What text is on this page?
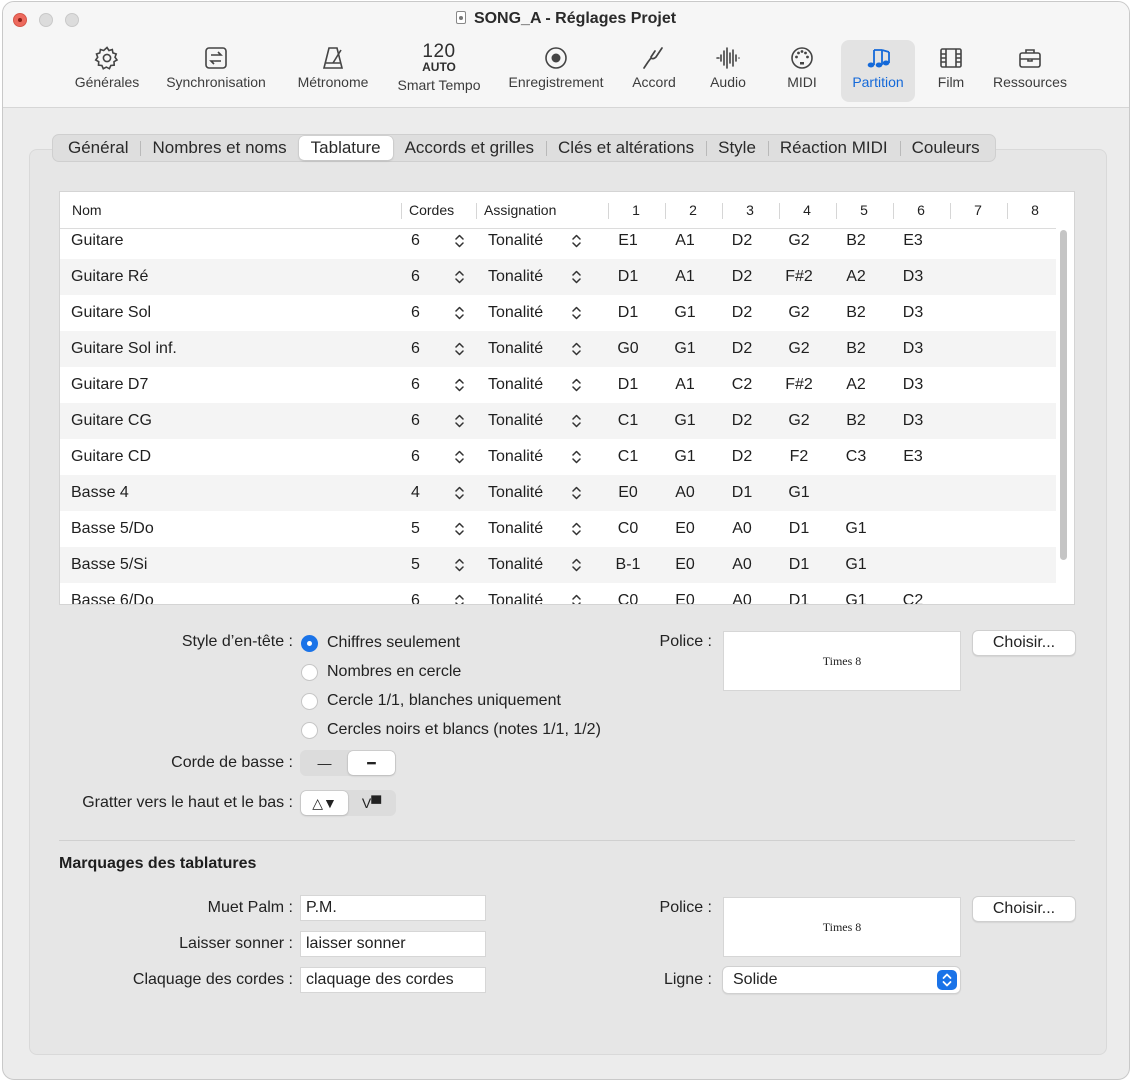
SONG_A - Réglages Projet
Générales	Synchronisation	Métronome
120
AUTO
Smart Tempo	Enregistrement	Accord	Audio	MIDI	Partition	Film	Ressources
Général	Nombres et noms	Tablature	Accords et grilles	Clés et altérations	Style	Réaction MIDI	Couleurs
Nom	Cordes Assignation	1	2	3	4	5	6	7	8
Guitare	6	Tonalité	E1	A1	D2	G2	B2	E3
Guitare Ré	6	Tonalité	D1	A1	D2	F#2	A2	D3
Guitare Sol	6	Tonalité	D1	G1	D2	G2	B2	D3
Guitare Sol inf.	6	Tonalité	G0	G1	D2	G2	B2	D3
Guitare D7	6	Tonalité	D1	A1	C2	F#2	A2	D3
Guitare CG	6	Tonalité	C1	G1	D2	G2	B2	D3
Guitare CD	6	Tonalité	C1	G1	D2	F2	C3	E3
Basse 4	4	Tonalité	E0	A0	D1	G1
Basse 5/Do	5	Tonalité	C0	E0	A0	D1	G1
Basse 5/Si	5	Tonalité	B-1	E0	A0	D1	G1
Basse 6/Do	6	Tonalité	C0	E0	A0	D1	G1	C2
Style d’en-tête : Chiffres seulement
Nombres en cercle
Cercle 1/1, blanches uniquement
Cercles noirs et blancs (notes 1/1, 1/2)
Police :
Times 8
Choisir...
Corde de basse :	—	━
Gratter vers le haut et le bas :	△▼	V▀
Marquages des tablatures
Muet Palm : P.M.
Laisser sonner : laisser sonner
Claquage des cordes : claquage des cordes
Police :
Times 8
Choisir...
Ligne :	Solide
